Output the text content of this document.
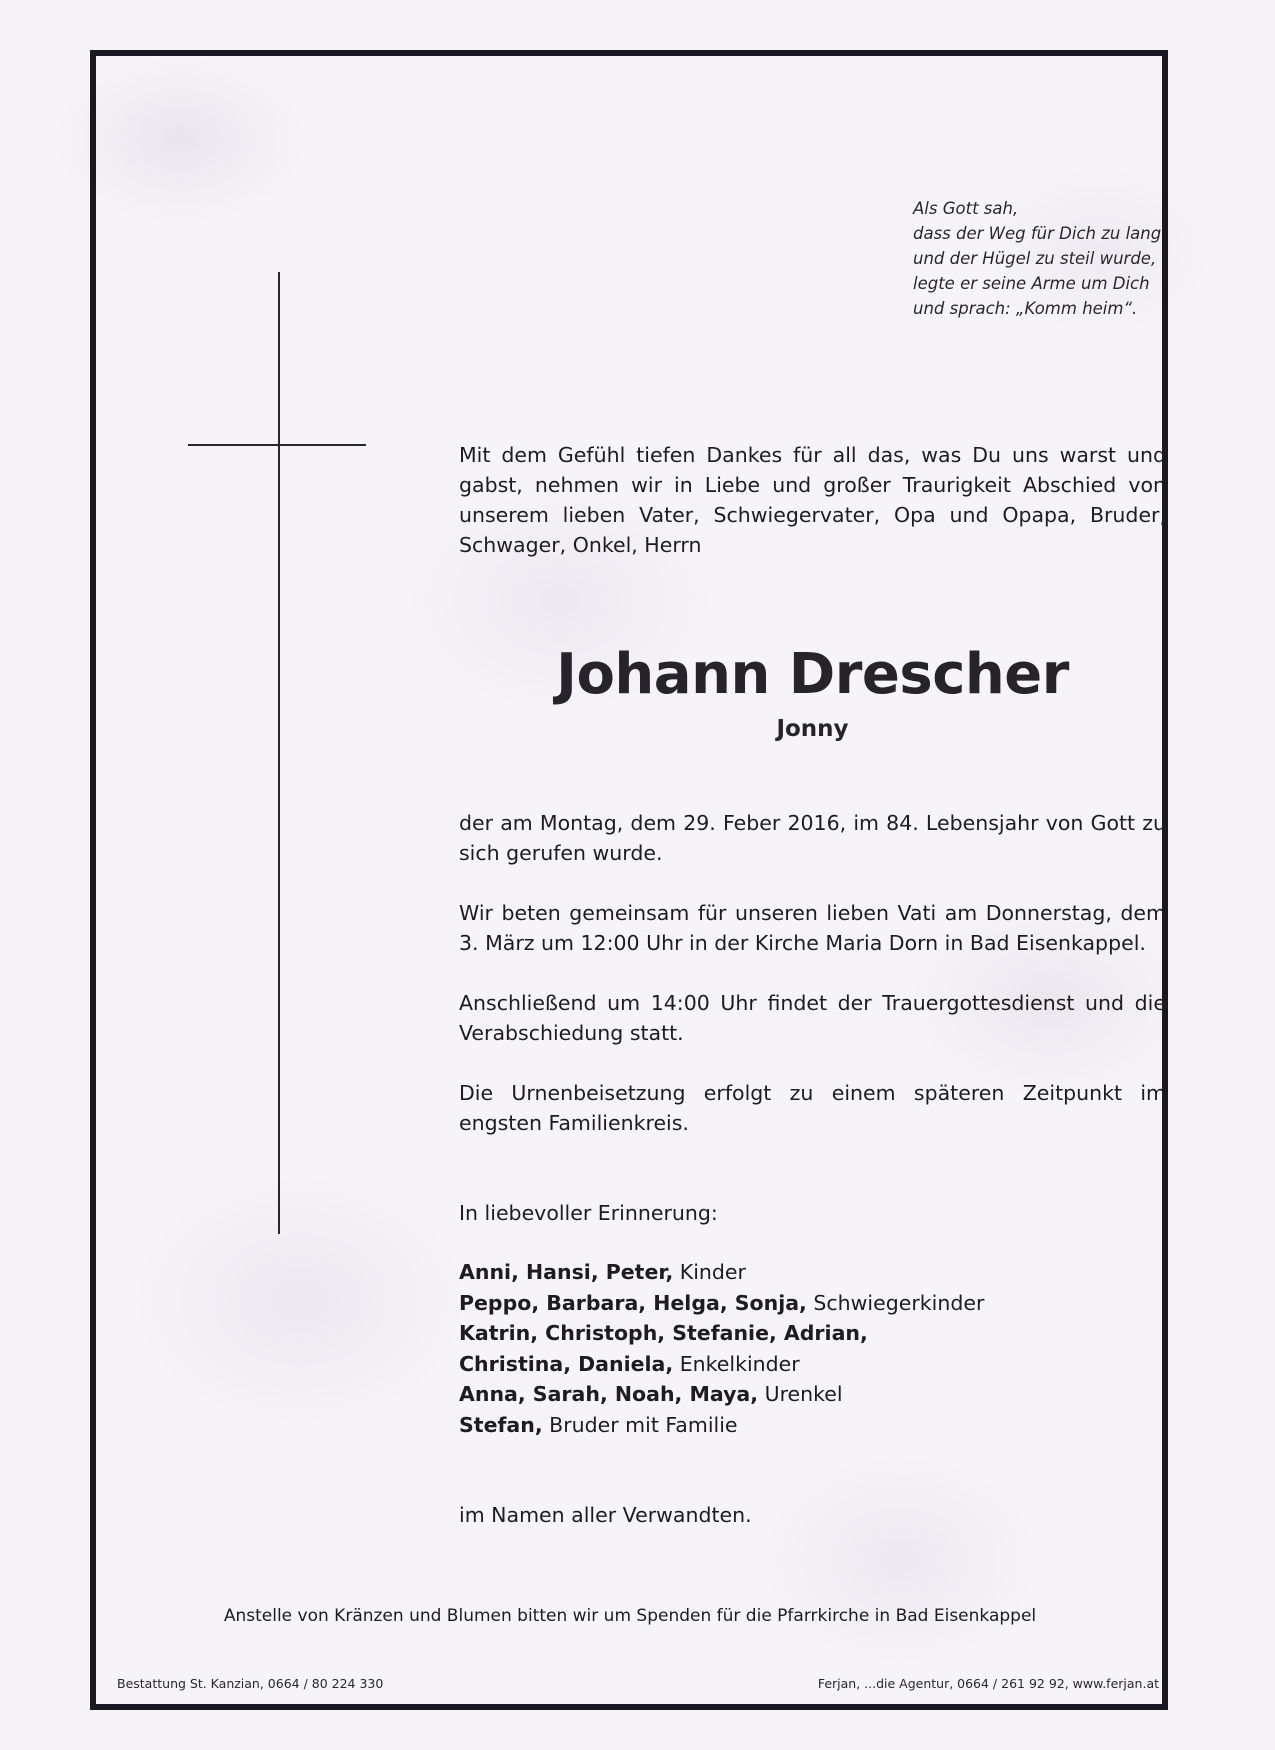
Als Gott sah,
dass der Weg für Dich zu lang
und der Hügel zu steil wurde,
legte er seine Arme um Dich
und sprach: „Komm heim“.
Mit dem Gefühl tiefen Dankes für all das, was Du uns warst und gabst, nehmen wir in Liebe und großer Traurigkeit Abschied von unserem lieben Vater, Schwiegervater, Opa und Opapa, Bruder, Schwager, Onkel, Herrn
Johann Drescher
Jonny
der am Montag, dem 29. Feber 2016, im 84. Lebensjahr von Gott zu sich gerufen wurde.
Wir beten gemeinsam für unseren lieben Vati am Donnerstag, dem 3. März um 12:00 Uhr in der Kirche Maria Dorn in Bad Eisenkappel.
Anschließend um 14:00 Uhr findet der Trauergottesdienst und die Verabschiedung statt.
Die Urnenbeisetzung erfolgt zu einem späteren Zeitpunkt im engsten Familienkreis.
In liebevoller Erinnerung:
Anni, Hansi, Peter, Kinder
Peppo, Barbara, Helga, Sonja, Schwiegerkinder
Katrin, Christoph, Stefanie, Adrian,
Christina, Daniela, Enkelkinder
Anna, Sarah, Noah, Maya, Urenkel
Stefan, Bruder mit Familie
im Namen aller Verwandten.
Anstelle von Kränzen und Blumen bitten wir um Spenden für die Pfarrkirche in Bad Eisenkappel
Bestattung St. Kanzian, 0664 / 80 224 330	Ferjan, ...die Agentur, 0664 / 261 92 92, www.ferjan.at
